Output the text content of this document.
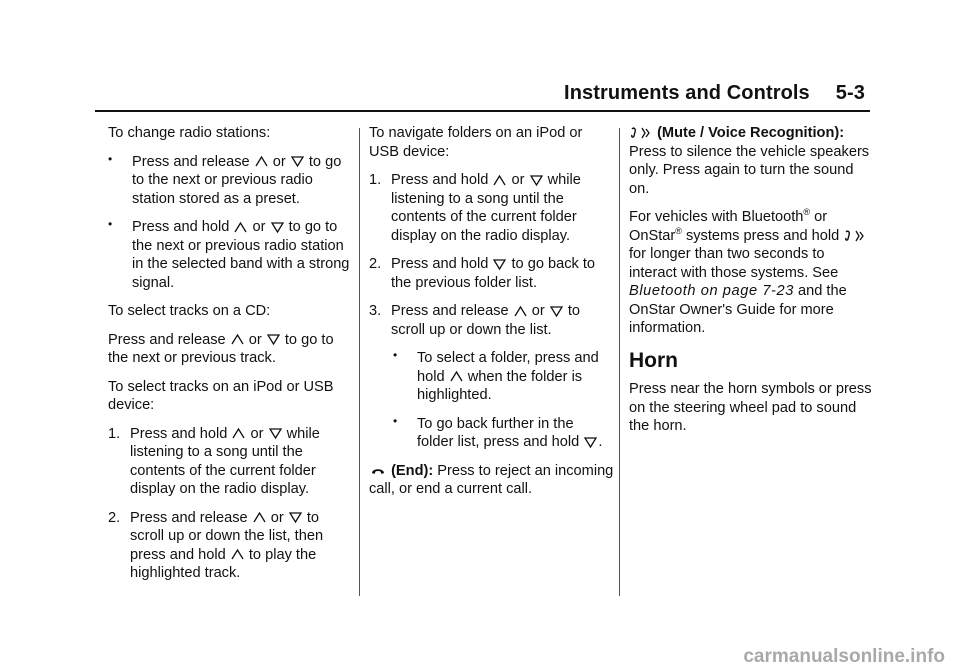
Instruments and Controls 5-3

To change radio stations:

• Press and release or to go to the next or previous radio station stored as a preset.
• Press and hold or to go to the next or previous radio station in the selected band with a strong signal.

To select tracks on a CD:

Press and release or to go to the next or previous track.

To select tracks on an iPod or USB device:

1. Press and hold or while listening to a song until the contents of the current folder display on the radio display.
2. Press and release or to scroll up or down the list, then press and hold to play the highlighted track.

To navigate folders on an iPod or USB device:

1. Press and hold or while listening to a song until the contents of the current folder display on the radio display.
2. Press and hold to go back to the previous folder list.
3. Press and release or to scroll up or down the list.
• To select a folder, press and hold when the folder is highlighted.
• To go back further in the folder list, press and hold .

(End): Press to reject an incoming call, or end a current call.

(Mute / Voice Recognition): Press to silence the vehicle speakers only. Press again to turn the sound on.

For vehicles with Bluetooth® or OnStar® systems press and hold
for longer than two seconds to interact with those systems. See Bluetooth on page 7-23 and the OnStar Owner's Guide for more information.

Horn

Press near the horn symbols or press on the steering wheel pad to sound the horn.

carmanualsonline.info
